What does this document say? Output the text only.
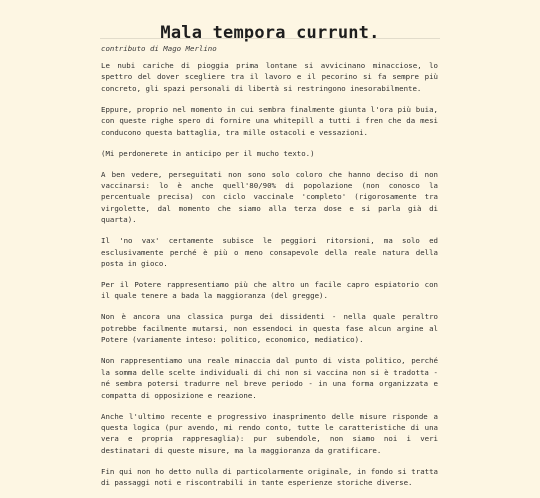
Mala tempora currunt.
contributo di Mago Merlino

Le nubi cariche di pioggia prima lontane si avvicinano minacciose, lo spettro del dover scegliere tra il lavoro e il pecorino si fa sempre più concreto, gli spazi personali di libertà si restringono inesorabilmente.

Eppure, proprio nel momento in cui sembra finalmente giunta l'ora più buia, con queste righe spero di fornire una whitepill a tutti i fren che da mesi conducono questa battaglia, tra mille ostacoli e vessazioni.

(Mi perdonerete in anticipo per il mucho texto.)

A ben vedere, perseguitati non sono solo coloro che hanno deciso di non vaccinarsi: lo è anche quell'80/90% di popolazione (non conosco la percentuale precisa) con ciclo vaccinale 'completo' (rigorosamente tra virgolette, dal momento che siamo alla terza dose e si parla già di quarta).

Il 'no vax' certamente subisce le peggiori ritorsioni, ma solo ed esclusivamente perché è più o meno consapevole della reale natura della posta in gioco.

Per il Potere rappresentiamo più che altro un facile capro espiatorio con il quale tenere a bada la maggioranza (del gregge).

Non è ancora una classica purga dei dissidenti - nella quale peraltro potrebbe facilmente mutarsi, non essendoci in questa fase alcun argine al Potere (variamente inteso: politico, economico, mediatico).

Non rappresentiamo una reale minaccia dal punto di vista politico, perché la somma delle scelte individuali di chi non si vaccina non si è tradotta - né sembra potersi tradurre nel breve periodo - in una forma organizzata e compatta di opposizione e reazione.

Anche l'ultimo recente e progressivo inasprimento delle misure risponde a questa logica (pur avendo, mi rendo conto, tutte le caratteristiche di una vera e propria rappresaglia): pur subendole, non siamo noi i veri destinatari di queste misure, ma la maggioranza da gratificare.

Fin qui non ho detto nulla di particolarmente originale, in fondo si tratta di passaggi noti e riscontrabili in tante esperienze storiche diverse.
